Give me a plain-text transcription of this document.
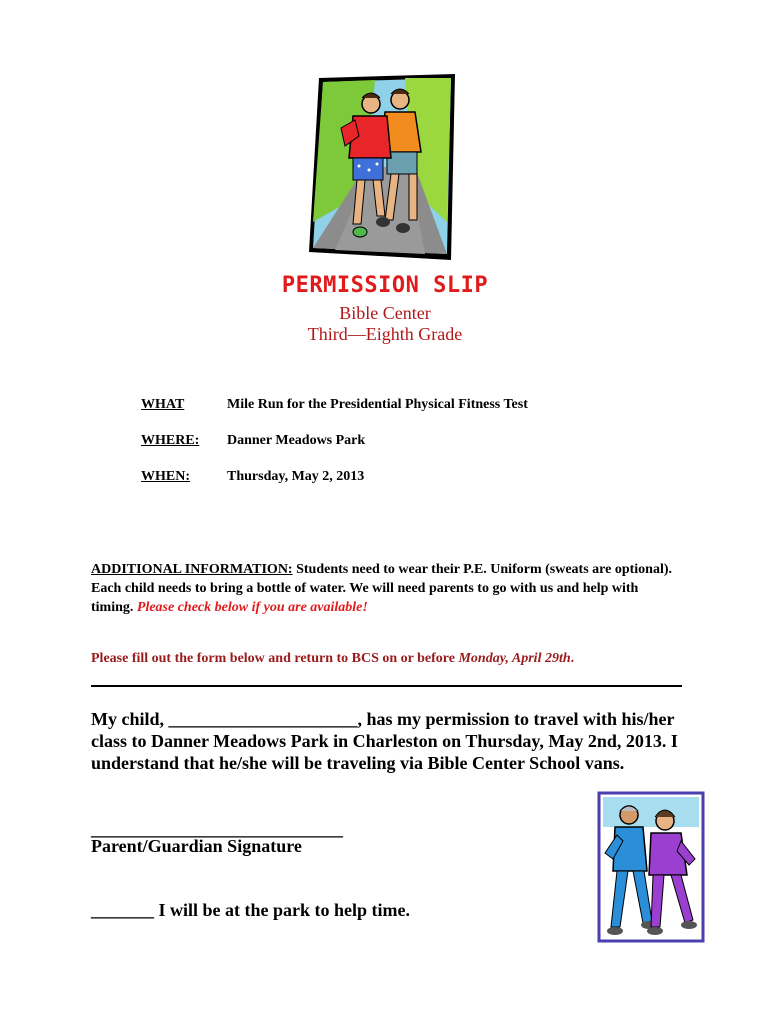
PERMISSION SLIP
Bible Center
Third—Eighth Grade
WHAT	Mile Run for the Presidential Physical Fitness Test
WHERE: Danner Meadows Park
WHEN:	Thursday, May 2, 2013
ADDITIONAL INFORMATION: Students need to wear their P.E. Uniform (sweats are optional). Each child needs to bring a bottle of water. We will need parents to go with us and help with timing. Please check below if you are available!
Please fill out the form below and return to BCS on or before Monday, April 29th.
My child, _____________________, has my permission to travel with his/her class to Danner Meadows Park in Charleston on Thursday, May 2nd, 2013. I understand that he/she will be traveling via Bible Center School vans.
____________________________
Parent/Guardian Signature
_______ I will be at the park to help time.
